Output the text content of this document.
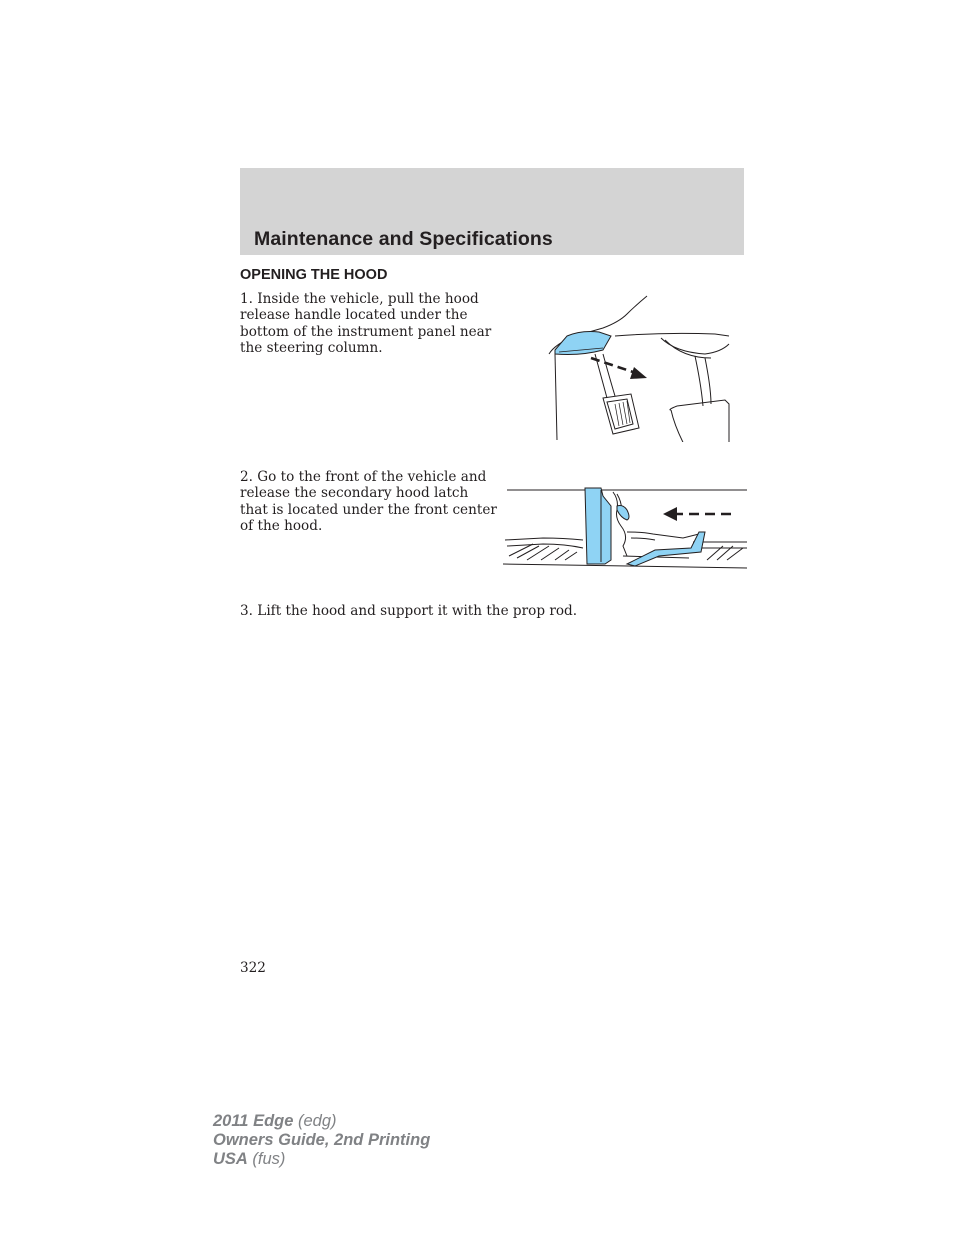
Maintenance and Specifications
OPENING THE HOOD

1. Inside the vehicle, pull the hood release handle located under the bottom of the instrument panel near the steering column.

2. Go to the front of the vehicle and release the secondary hood latch that is located under the front center of the hood.

3. Lift the hood and support it with the prop rod.

322
2011 Edge (edg)
Owners Guide, 2nd Printing
USA (fus)
